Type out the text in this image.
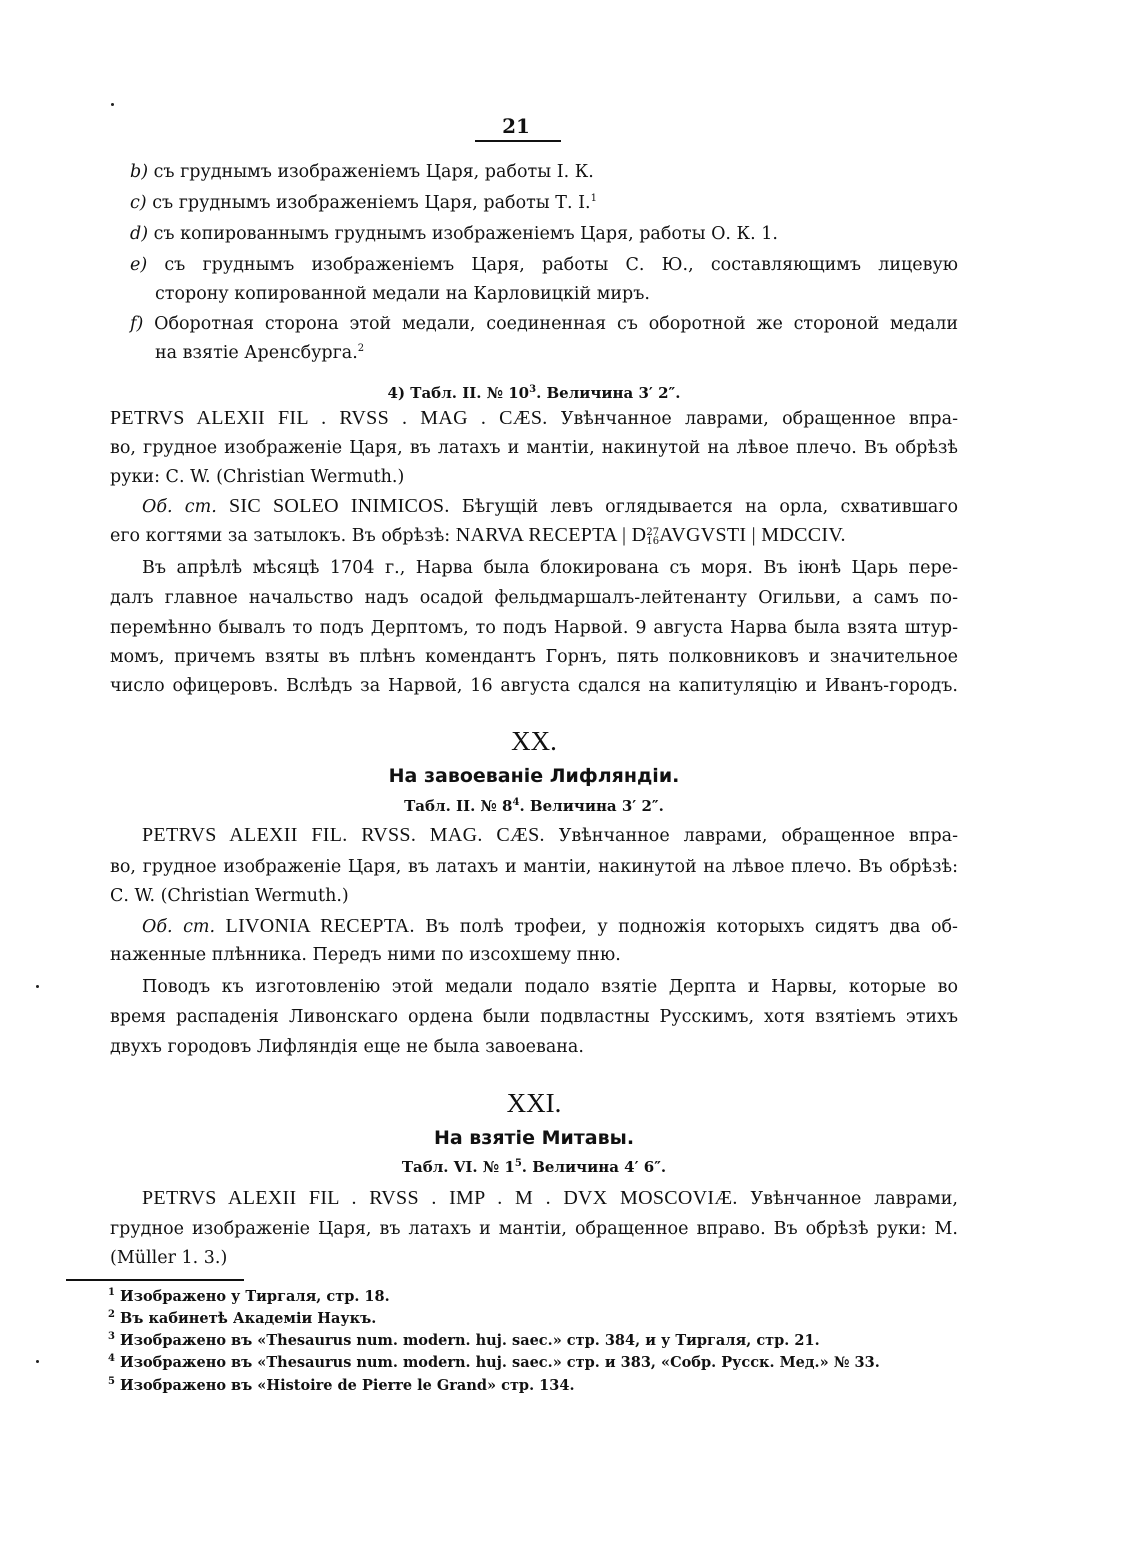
21
b) съ груднымъ изображеніемъ Царя, работы І. К.
c) съ груднымъ изображеніемъ Царя, работы Т. І.$^1$
d) съ копированнымъ груднымъ изображеніемъ Царя, работы О. К. 1.
e) съ груднымъ изображеніемъ Царя, работы С. Ю., составляющимъ лицевую
сторону копированной медали на Карловицкій миръ.
f) Оборотная сторона этой медали, соединенная съ оборотной же стороной медали
на взятіе Аренсбурга.$^2$
4) Табл. II. № $10^3$. Величина 3′ 2″.
PETRVS ALEXII FIL . RVSS . MAG . CÆS. Увѣнчанное лаврами, обращенное впра-
во, грудное изображеніе Царя, въ латахъ и мантіи, накинутой на лѣвое плечо. Въ обрѣзѣ
руки: С. W. (Christian Wermuth.)
Об. ст. SIC SOLEO INIMICOS. Бѣгущій левъ оглядывается на орла, схватившаго
его когтями за затылокъ. Въ обрѣзѣ: NARVA RECEPTA | D27
16AVGVSTI | MDCCIV.
Въ апрѣлѣ мѣсяцѣ 1704 г., Нарва была блокирована съ моря. Въ іюнѣ Царь пере-
далъ главное начальство надъ осадой фельдмаршалъ-лейтенанту Огильви, а самъ по-
перемѣнно бывалъ то подъ Дерптомъ, то подъ Нарвой. 9 августа Нарва была взята штур-
момъ, причемъ взяты въ плѣнъ комендантъ Горнъ, пять полковниковъ и значительное
число офицеровъ. Вслѣдъ за Нарвой, 16 августа сдался на капитуляцію и Иванъ-городъ.
XX.
На завоеваніе Лифляндіи.
Табл. II. № $8^4$. Величина 3′ 2″.
PETRVS ALEXII FIL. RVSS. MAG. CÆS. Увѣнчанное лаврами, обращенное впра-
во, грудное изображеніе Царя, въ латахъ и мантіи, накинутой на лѣвое плечо. Въ обрѣзѣ:
С. W. (Christian Wermuth.)
Об. ст. LIVONIA RECEPTA. Въ полѣ трофеи, у подножія которыхъ сидятъ два об-
наженные плѣнника. Передъ ними по изсохшему пню.
Поводъ къ изготовленію этой медали подало взятіе Дерпта и Нарвы, которые во
время распаденія Ливонскаго ордена были подвластны Русскимъ, хотя взятіемъ этихъ
двухъ городовъ Лифляндія еще не была завоевана.
XXI.
На взятіе Митавы.
Табл. VI. № $1^5$. Величина 4′ 6″.
PETRVS ALEXII FIL . RVSS . IMP . M . DVX MOSCOVIÆ. Увѣнчанное лаврами,
грудное изображеніе Царя, въ латахъ и мантіи, обращенное вправо. Въ обрѣзѣ руки: М.
(Müller 1. 3.)
$^1$ Изображено у Тиргаля, стр. 18.
$^2$ Въ кабинетѣ Академіи Наукъ.
$^3$ Изображено въ «Thesaurus num. modern. huj. saec.» стр. 384, и у Тиргаля, стр. 21.
$^4$ Изображено въ «Thesaurus num. modern. huj. saec.» стр. и 383, «Собр. Русск. Мед.» № 33.
$^5$ Изображено въ «Histoire de Pierre le Grand» стр. 134.
